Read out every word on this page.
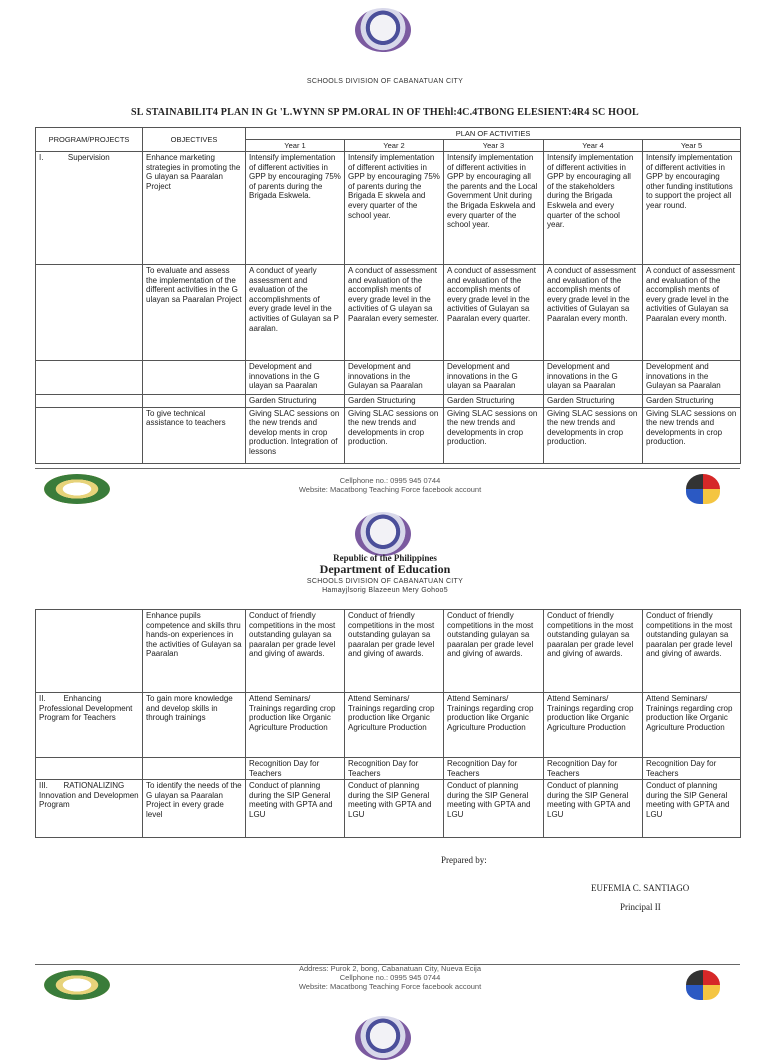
SCHOOLS DIVISION OF CABANATUAN CITY
SL STAINABILIT4 PLAN IN Gt 'L.WYNN SP PM.ORAL IN OF THEhl:4C.4TBONG ELESIENT:4R4 SC HOOL
PROGRAM/PROJECTS	OBJECTIVES	PLAN OF ACTIVITIES				
		Year 1	Year 2	Year 3	Year 4	Year 5
I. Supervision	Enhance marketing strategies in promoting the G ulayan sa Paaralan Project	Intensify implementation of different activities in GPP by encouraging 75% of parents during the Brigada Eskwela.	Intensify implementation of different activities in GPP by encouraging 75% of parents during the Brigada E skwela and every quarter of the school year.	Intensify implementation of different activities in GPP by encouraging all the parents and the Local Government Unit during the Brigada Eskwela and every quarter of the school year.	Intensify implementation of different activities in GPP by encouraging all of the stakeholders during the Brigada Eskwela and every quarter of the school year.	Intensify implementation of different activities in GPP by encouraging other funding institutions to support the project all year round.
	To evaluate and assess the implementation of the different activities in the G ulayan sa Paaralan Project	A conduct of yearly assessment and evaluation of the accomplishments of every grade level in the activities of Gulayan sa P aaralan.	A conduct of assessment and evaluation of the accomplish ments of every grade level in the activities of G ulayan sa Paaralan every semester.	A conduct of assessment and evaluation of the accomplish ments of every grade level in the activities of Gulayan sa Paaralan every quarter.	A conduct of assessment and evaluation of the accomplish ments of every grade level in the activities of Gulayan sa Paaralan every month.	A conduct of assessment and evaluation of the accomplish ments of every grade level in the activities of Gulayan sa Paaralan every month.
		Development and innovations in the G ulayan sa Paaralan	Development and innovations in the Gulayan sa Paaralan	Development and innovations in the G ulayan sa Paaralan	Development and innovations in the G ulayan sa Paaralan	Development and innovations in the Gulayan sa Paaralan
		Garden Structuring	Garden Structuring	Garden Structuring	Garden Structuring	Garden Structuring
	To give technical assistance to teachers	Giving SLAC sessions on the new trends and develop ments in crop production. Integration of lessons	Giving SLAC sessions on the new trends and developments in crop production.	Giving SLAC sessions on the new trends and developments in crop production.	Giving SLAC sessions on the new trends and developments in crop production.	Giving SLAC sessions on the new trends and developments in crop production.
Cellphone no.: 0995 945 0744
Website: Macatbong Teaching Force facebook account
Republic of the Philippines
Department of Education
SCHOOLS DIVISION OF CABANATUAN CITY
Hamayjlsorig Blazeeun Mery Gohoo5
	Enhance pupils competence and skills thru hands-on experiences in the activities of Gulayan sa Paaralan	Conduct of friendly competitions in the most outstanding gulayan sa paaralan per grade level and giving of awards.	Conduct of friendly competitions in the most outstanding gulayan sa paaralan per grade level and giving of awards.	Conduct of friendly competitions in the most outstanding gulayan sa paaralan per grade level and giving of awards.	Conduct of friendly competitions in the most outstanding gulayan sa paaralan per grade level and giving of awards.	Conduct of friendly competitions in the most outstanding gulayan sa paaralan per grade level and giving of awards.
II. Enhancing Professional Development Program for Teachers	To gain more knowledge and develop skills in through trainings	Attend Seminars/ Trainings regarding crop production like Organic Agriculture Production	Attend Seminars/ Trainings regarding crop production like Organic Agriculture Production	Attend Seminars/ Trainings regarding crop production like Organic Agriculture Production	Attend Seminars/ Trainings regarding crop production like Organic Agriculture Production	Attend Seminars/ Trainings regarding crop production like Organic Agriculture Production
		Recognition Day for Teachers	Recognition Day for Teachers	Recognition Day for Teachers	Recognition Day for Teachers	Recognition Day for Teachers
III. RATIONALIZING Innovation and Developmen Program	To identify the needs of the G ulayan sa Paaralan Project in every grade level	Conduct of planning during the SIP General meeting with GPTA and LGU	Conduct of planning during the SIP General meeting with GPTA and LGU	Conduct of planning during the SIP General meeting with GPTA and LGU	Conduct of planning during the SIP General meeting with GPTA and LGU	Conduct of planning during the SIP General meeting with GPTA and LGU
Prepared by:
EUFEMIA C. SANTIAGO
Principal II
Address: Purok 2, bong, Cabanatuan City, Nueva Ecija
Cellphone no.: 0995 945 0744
Website: Macatbong Teaching Force facebook account
